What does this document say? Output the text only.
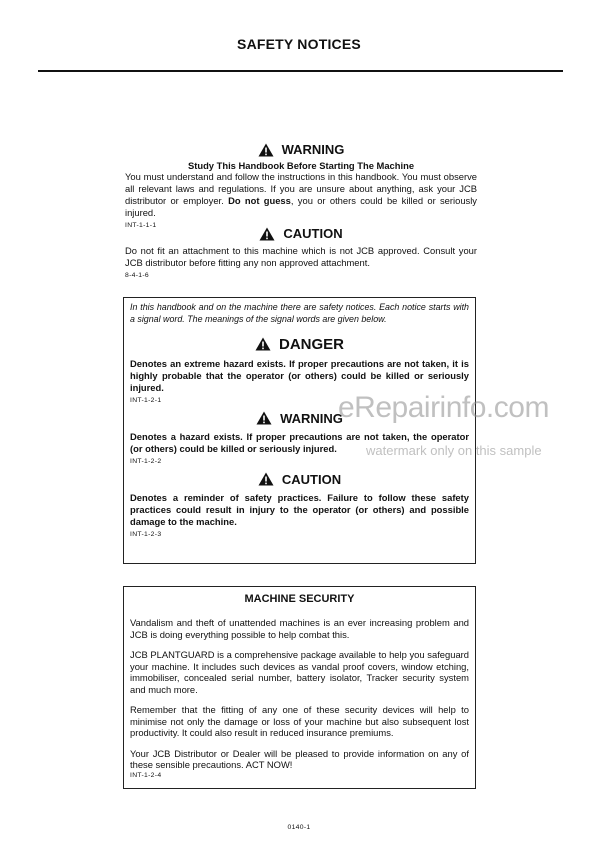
SAFETY NOTICES
WARNING
Study This Handbook Before Starting The Machine
You must understand and follow the instructions in this handbook. You must observe all relevant laws and regulations. If you are unsure about anything, ask your JCB distributor or employer. Do not guess, you or others could be killed or seriously injured.
INT-1-1-1
CAUTION
Do not fit an attachment to this machine which is not JCB approved. Consult your JCB distributor before fitting any non approved attachment.
8-4-1-6
In this handbook and on the machine there are safety notices. Each notice starts with a signal word. The meanings of the signal words are given below.
DANGER
Denotes an extreme hazard exists. If proper precautions are not taken, it is highly probable that the operator (or others) could be killed or seriously injured.
INT-1-2-1
WARNING
Denotes a hazard exists. If proper precautions are not taken, the operator (or others) could be killed or seriously injured.
INT-1-2-2
CAUTION
Denotes a reminder of safety practices. Failure to follow these safety practices could result in injury to the operator (or others) and possible damage to the machine.
INT-1-2-3
MACHINE SECURITY
Vandalism and theft of unattended machines is an ever increasing problem and JCB is doing everything possible to help combat this.
JCB PLANTGUARD is a comprehensive package available to help you safeguard your machine. It includes such devices as vandal proof covers, window etching, immobiliser, concealed serial number, battery isolator, Tracker security system and much more.
Remember that the fitting of any one of these security devices will help to minimise not only the damage or loss of your machine but also subsequent lost productivity. It could also result in reduced insurance premiums.
Your JCB Distributor or Dealer will be pleased to provide information on any of these sensible precautions. ACT NOW!
INT-1-2-4
eRepairinfo.com
watermark only on this sample
0140-1
